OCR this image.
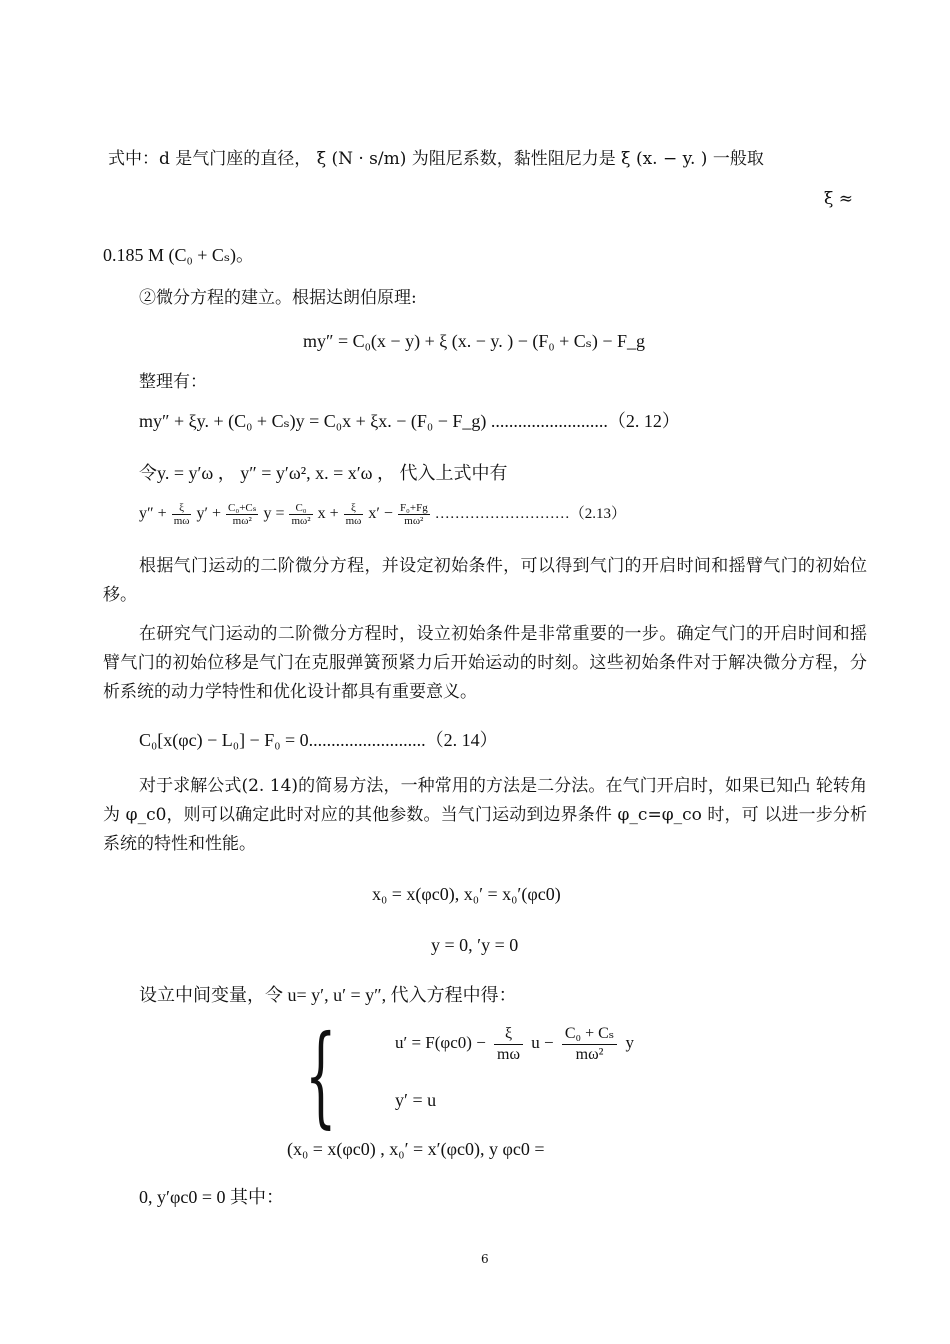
式中：d 是气门座的直径， ξ (N · s/m) 为阻尼系数，黏性阻尼力是 ξ (x. − y. ) 一般取
ξ ≈
0.185 M (C₀ + Cₛ)。
②微分方程的建立。根据达朗伯原理:
my″ = C₀(x − y) + ξ (x. − y. ) − (F₀ + Cₛ) − F_g
整理有：
my″ + ξy. + (C₀ + Cₛ)y = C₀x + ξx. − (F₀ − F_g) ..........................（2. 12）
令y. = y′ω ， y″ = y′ω², x. = x′ω ， 代入上式中有
$y'' + \frac{\xi}{m\omega} y' + \frac{\text{C₀+Cₛ}}{\text{mω²}}$ $y = \frac{\text{C₀}}{\text{mω²}}$ $x + \frac{\xi}{m\omega} x' - \frac{\text{F₀+Fg}}{\text{mω²}}$ ………………………（2.13）
根据气门运动的二阶微分方程，并设定初始条件，可以得到气门的开启时间和摇臂气门的初始位移。
在研究气门运动的二阶微分方程时，设立初始条件是非常重要的一步。确定气门的开启时间和摇臂气门的初始位移是气门在克服弹簧预紧力后开始运动的时刻。这些初始条件对于解决微分方程，分析系统的动力学特性和优化设计都具有重要意义。
C₀[x(φc) − L₀] − F₀ = 0..........................（2. 14）
对于求解公式(2. 14)的简易方法，一种常用的方法是二分法。在气门开启时，如果已知凸 轮转角为 φ_c0，则可以确定此时对应的其他参数。当气门运动到边界条件 φ_c=φ_co 时，可 以进一步分析系统的特性和性能。
x₀ = x(φc0), x₀′ = x₀′(φc0)
y = 0, ′y = 0
设立中间变量，令 u= y′, u′ = y″, 代入方程中得：
{	$u' = F(\varphi c0) - \frac{\xi}{m\omega}$ $u - \frac{\text{C₀ + Cₛ}}{\text{mω²}}$ y
y′ = u
(x₀ = x(φc0) , x₀′ = x′(φc0), y φc0 =
0, y′φc0 = 0 其中：
6
